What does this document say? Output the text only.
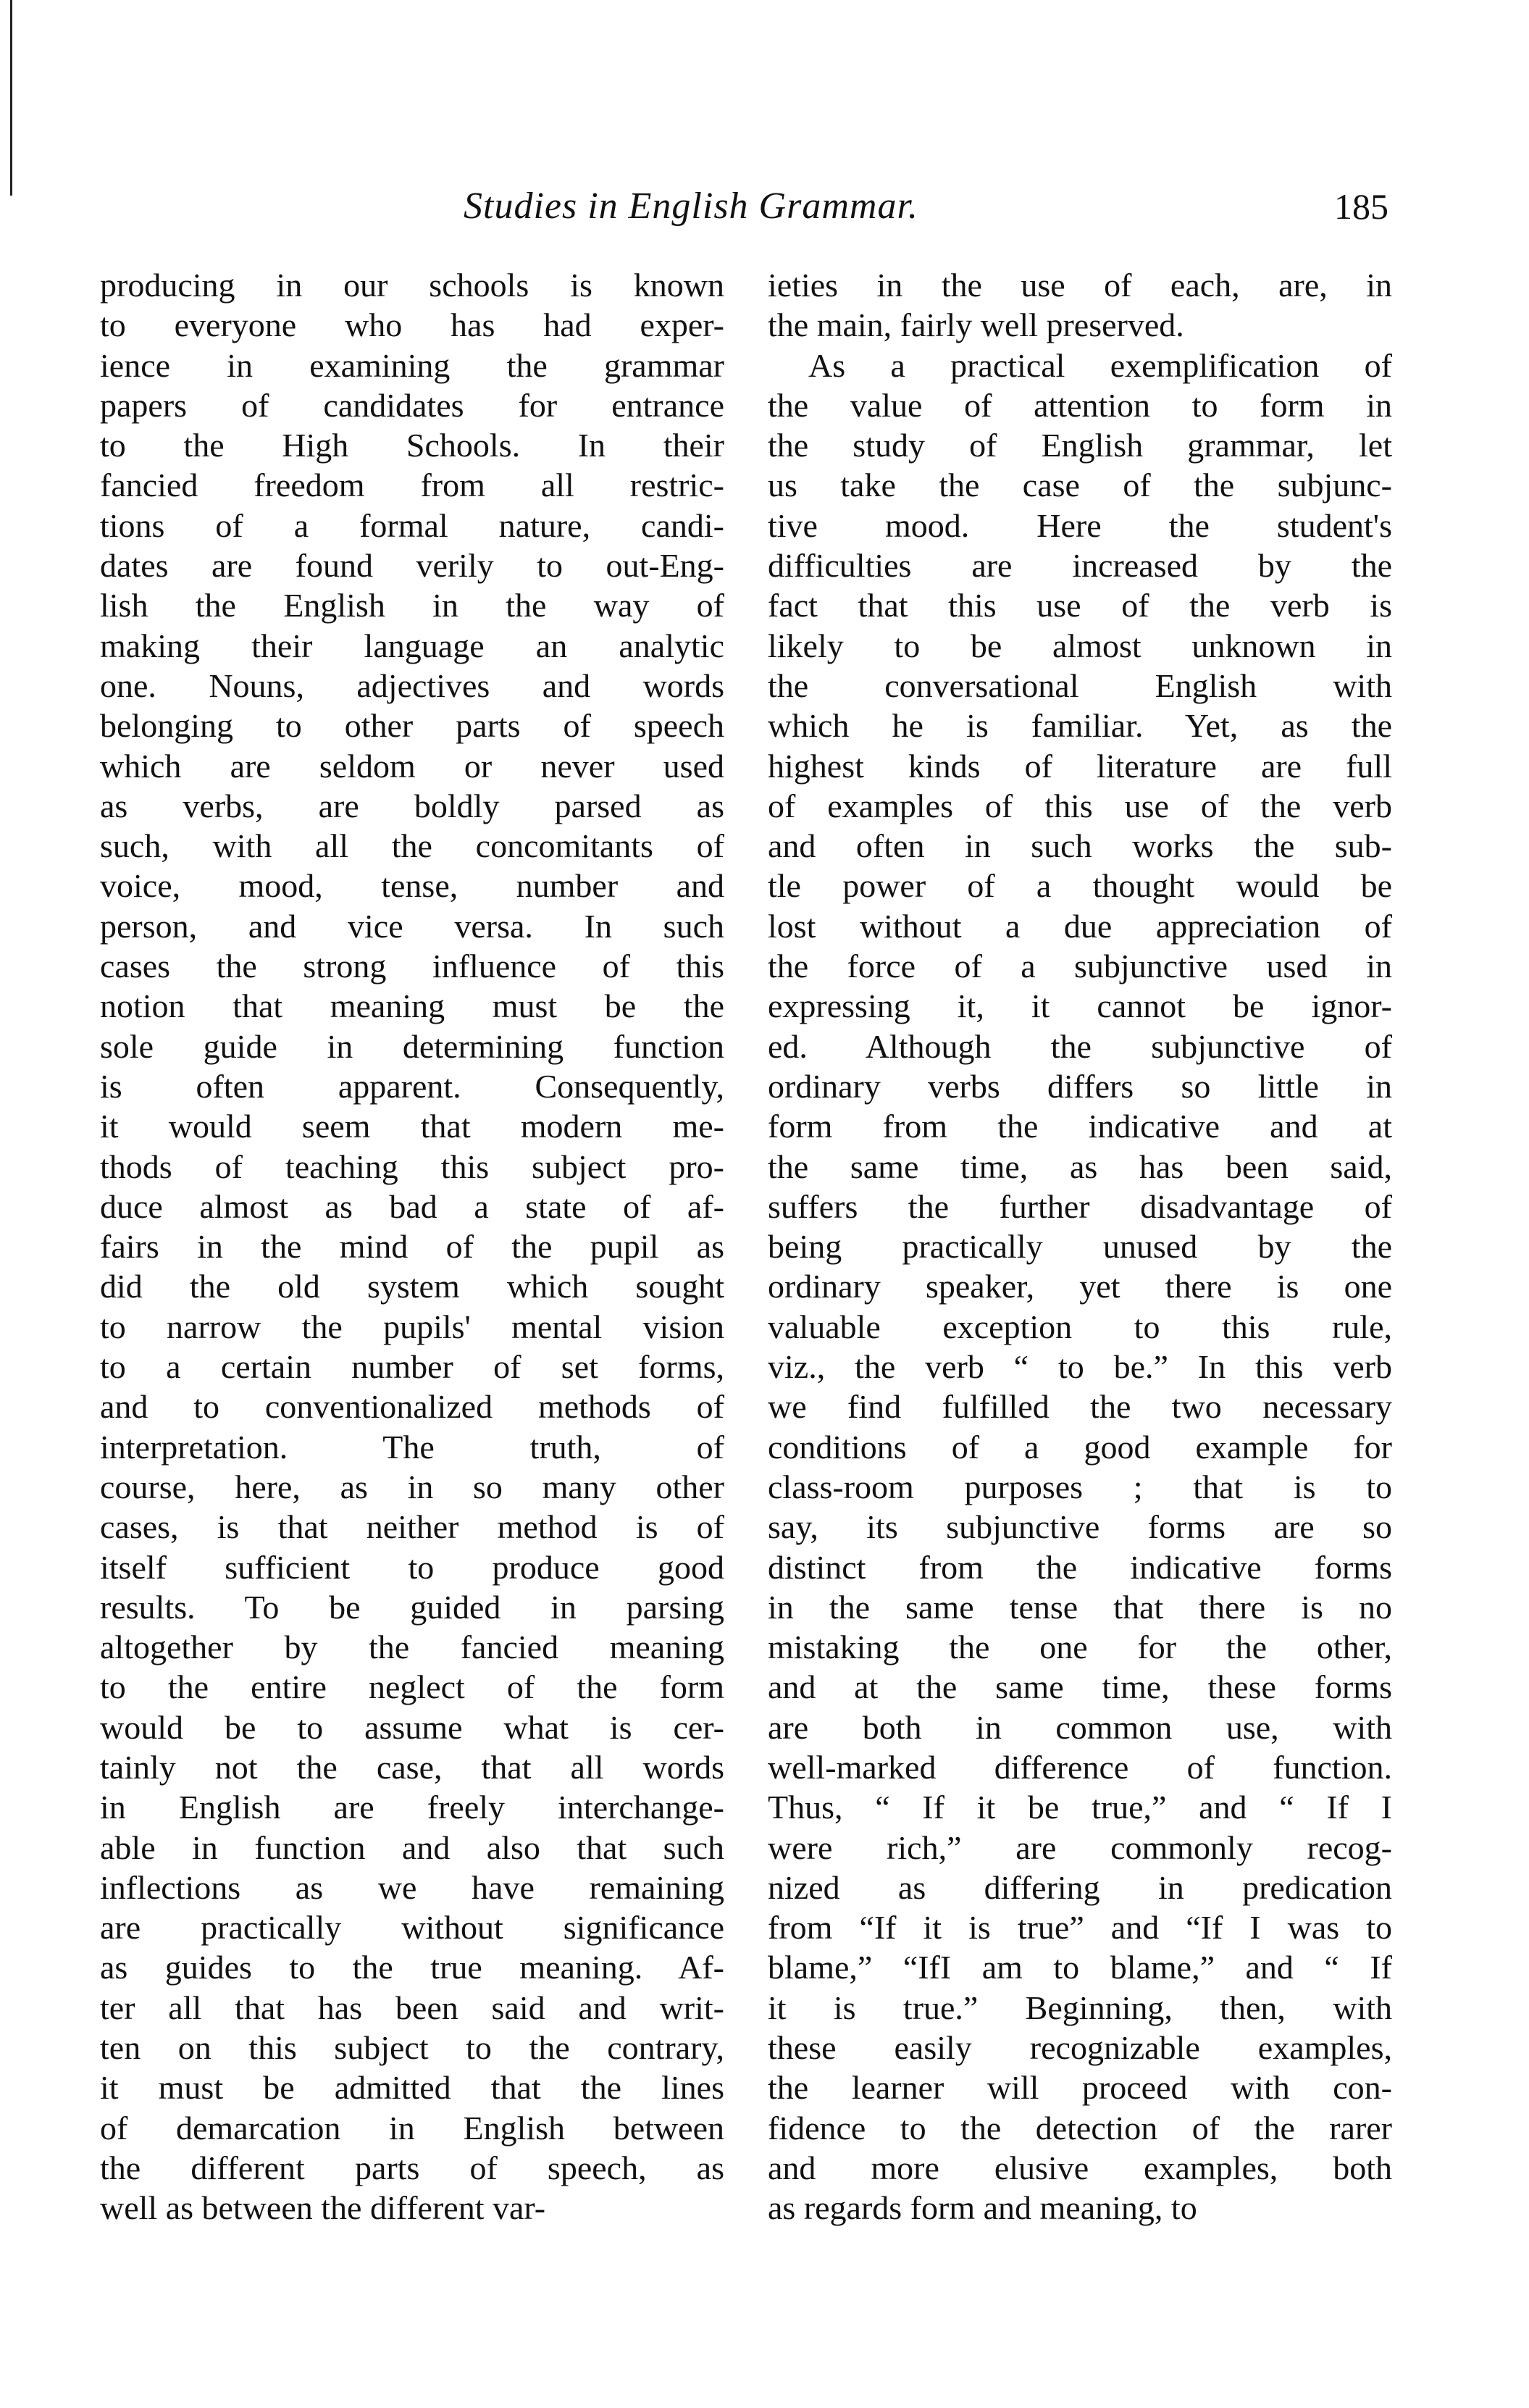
Studies in English Grammar.	185
producing in our schools is known
to everyone who has had exper-
ience in examining the grammar
papers of candidates for entrance
to the High Schools. In their
fancied freedom from all restric-
tions of a formal nature, candi-
dates are found verily to out-Eng-
lish the English in the way of
making their language an analytic
one. Nouns, adjectives and words
belonging to other parts of speech
which are seldom or never used
as verbs, are boldly parsed as
such, with all the concomitants of
voice, mood, tense, number and
person, and vice versa. In such
cases the strong influence of this
notion that meaning must be the
sole guide in determining function
is often apparent. Consequently,
it would seem that modern me-
thods of teaching this subject pro-
duce almost as bad a state of af-
fairs in the mind of the pupil as
did the old system which sought
to narrow the pupils' mental vision
to a certain number of set forms,
and to conventionalized methods of
interpretation. The truth, of
course, here, as in so many other
cases, is that neither method is of
itself sufficient to produce good
results. To be guided in parsing
altogether by the fancied meaning
to the entire neglect of the form
would be to assume what is cer-
tainly not the case, that all words
in English are freely interchange-
able in function and also that such
inflections as we have remaining
are practically without significance
as guides to the true meaning. Af-
ter all that has been said and writ-
ten on this subject to the contrary,
it must be admitted that the lines
of demarcation in English between
the different parts of speech, as
well as between the different var-
ieties in the use of each, are, in
the main, fairly well preserved.
As a practical exemplification of
the value of attention to form in
the study of English grammar, let
us take the case of the subjunc-
tive mood. Here the student's
difficulties are increased by the
fact that this use of the verb is
likely to be almost unknown in
the conversational English with
which he is familiar. Yet, as the
highest kinds of literature are full
of examples of this use of the verb
and often in such works the sub-
tle power of a thought would be
lost without a due appreciation of
the force of a subjunctive used in
expressing it, it cannot be ignor-
ed. Although the subjunctive of
ordinary verbs differs so little in
form from the indicative and at
the same time, as has been said,
suffers the further disadvantage of
being practically unused by the
ordinary speaker, yet there is one
valuable exception to this rule,
viz., the verb “ to be.” In this verb
we find fulfilled the two necessary
conditions of a good example for
class-room purposes ; that is to
say, its subjunctive forms are so
distinct from the indicative forms
in the same tense that there is no
mistaking the one for the other,
and at the same time, these forms
are both in common use, with
well-marked difference of function.
Thus, “ If it be true,” and “ If I
were rich,” are commonly recog-
nized as differing in predication
from “If it is true” and “If I was to
blame,” “IfI am to blame,” and “ If
it is true.” Beginning, then, with
these easily recognizable examples,
the learner will proceed with con-
fidence to the detection of the rarer
and more elusive examples, both
as regards form and meaning, to
